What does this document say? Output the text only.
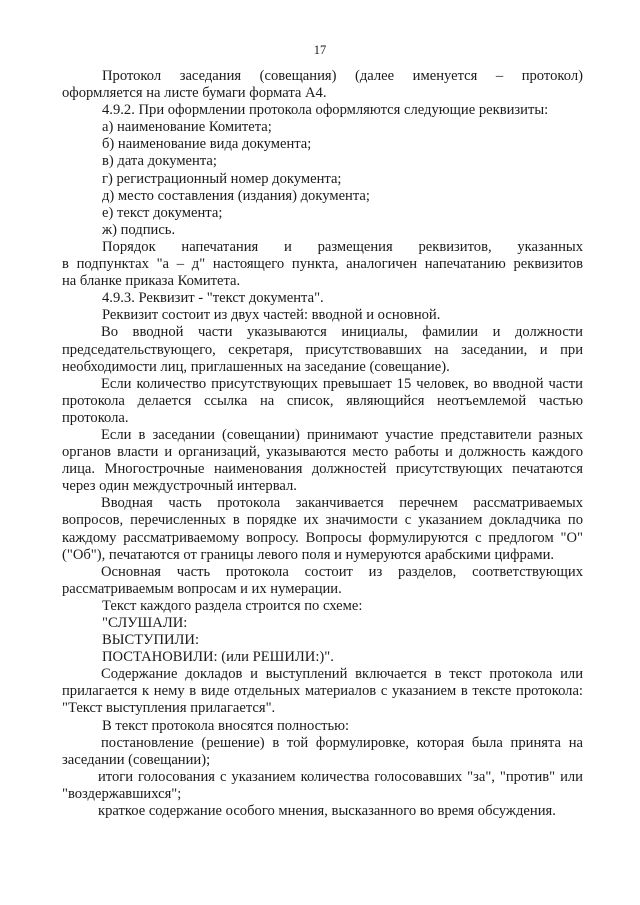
17

Протокол заседания (совещания) (далее именуется – протокол)

оформляется на листе бумаги формата А4.

4.9.2. При оформлении протокола оформляются следующие реквизиты:

а) наименование Комитета;

б) наименование вида документа;

в) дата документа;

г) регистрационный номер документа;

д) место составления (издания) документа;

е) текст документа;

ж) подпись.

Порядок напечатания и размещения реквизитов, указанных

в подпунктах "а – д" настоящего пункта, аналогичен напечатанию реквизитов

на бланке приказа Комитета.

4.9.3. Реквизит - "текст документа".

Реквизит состоит из двух частей: вводной и основной.

Во вводной части указываются инициалы, фамилии и должности председательствующего, секретаря, присутствовавших на заседании, и при необходимости лиц, приглашенных на заседание (совещание).

Если количество присутствующих превышает 15 человек, во вводной части протокола делается ссылка на список, являющийся неотъемлемой частью протокола.

Если в заседании (совещании) принимают участие представители разных органов власти и организаций, указываются место работы и должность каждого лица. Многострочные наименования должностей присутствующих печатаются через один междустрочный интервал.

Вводная часть протокола заканчивается перечнем рассматриваемых вопросов, перечисленных в порядке их значимости с указанием докладчика по каждому рассматриваемому вопросу. Вопросы формулируются с предлогом "О" ("Об"), печатаются от границы левого поля и нумеруются арабскими цифрами.

Основная часть протокола состоит из разделов, соответствующих рассматриваемым вопросам и их нумерации.

Текст каждого раздела строится по схеме:

"СЛУШАЛИ:

ВЫСТУПИЛИ:

ПОСТАНОВИЛИ: (или РЕШИЛИ:)".

Содержание докладов и выступлений включается в текст протокола или прилагается к нему в виде отдельных материалов с указанием в тексте протокола: "Текст выступления прилагается".

В текст протокола вносятся полностью:

постановление (решение) в той формулировке, которая была принята на заседании (совещании);

итоги голосования с указанием количества голосовавших "за", "против" или "воздержавшихся";

краткое содержание особого мнения, высказанного во время обсуждения.
